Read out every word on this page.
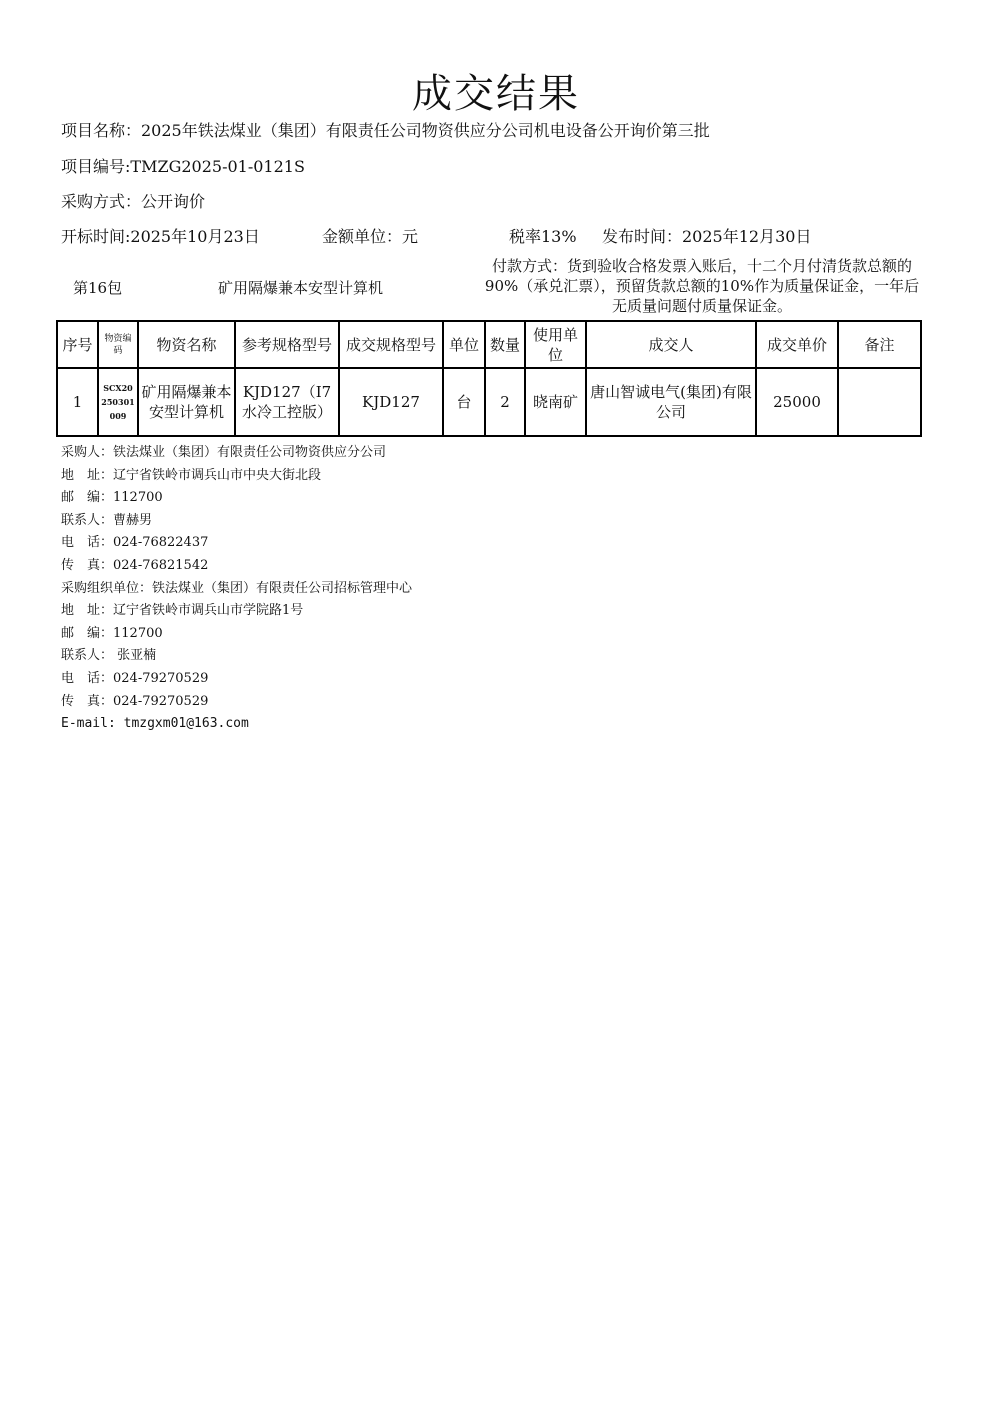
成交结果
项目名称：2025年铁法煤业（集团）有限责任公司物资供应分公司机电设备公开询价第三批
项目编号:TMZG2025-01-0121S
采购方式：公开询价
开标时间:2025年10月23日	金额单位：元	税率13% 发布时间：2025年12月30日
第16包	矿用隔爆兼本安型计算机
付款方式：货到验收合格发票入账后，十二个月付清货款总额的90%（承兑汇票），预留货款总额的10%作为质量保证金，一年后无质量问题付质量保证金。
序号	物资编码	物资名称	参考规格型号	成交规格型号	单位	数量	使用单位	成交人	成交单价	备注
1	SCX20250301009	矿用隔爆兼本安型计算机	KJD127（I7水冷工控版）	KJD127	台	2	晓南矿	唐山智诚电气(集团)有限公司	25000	
采购人：铁法煤业（集团）有限责任公司物资供应分公司
地　址：辽宁省铁岭市调兵山市中央大街北段
邮　编：112700
联系人：曹赫男
电　话：024-76822437
传　真：024-76821542
采购组织单位：铁法煤业（集团）有限责任公司招标管理中心
地　址：辽宁省铁岭市调兵山市学院路1号
邮　编：112700
联系人： 张亚楠
电　话：024-79270529
传　真：024-79270529
E-mail: tmzgxm01@163.com
